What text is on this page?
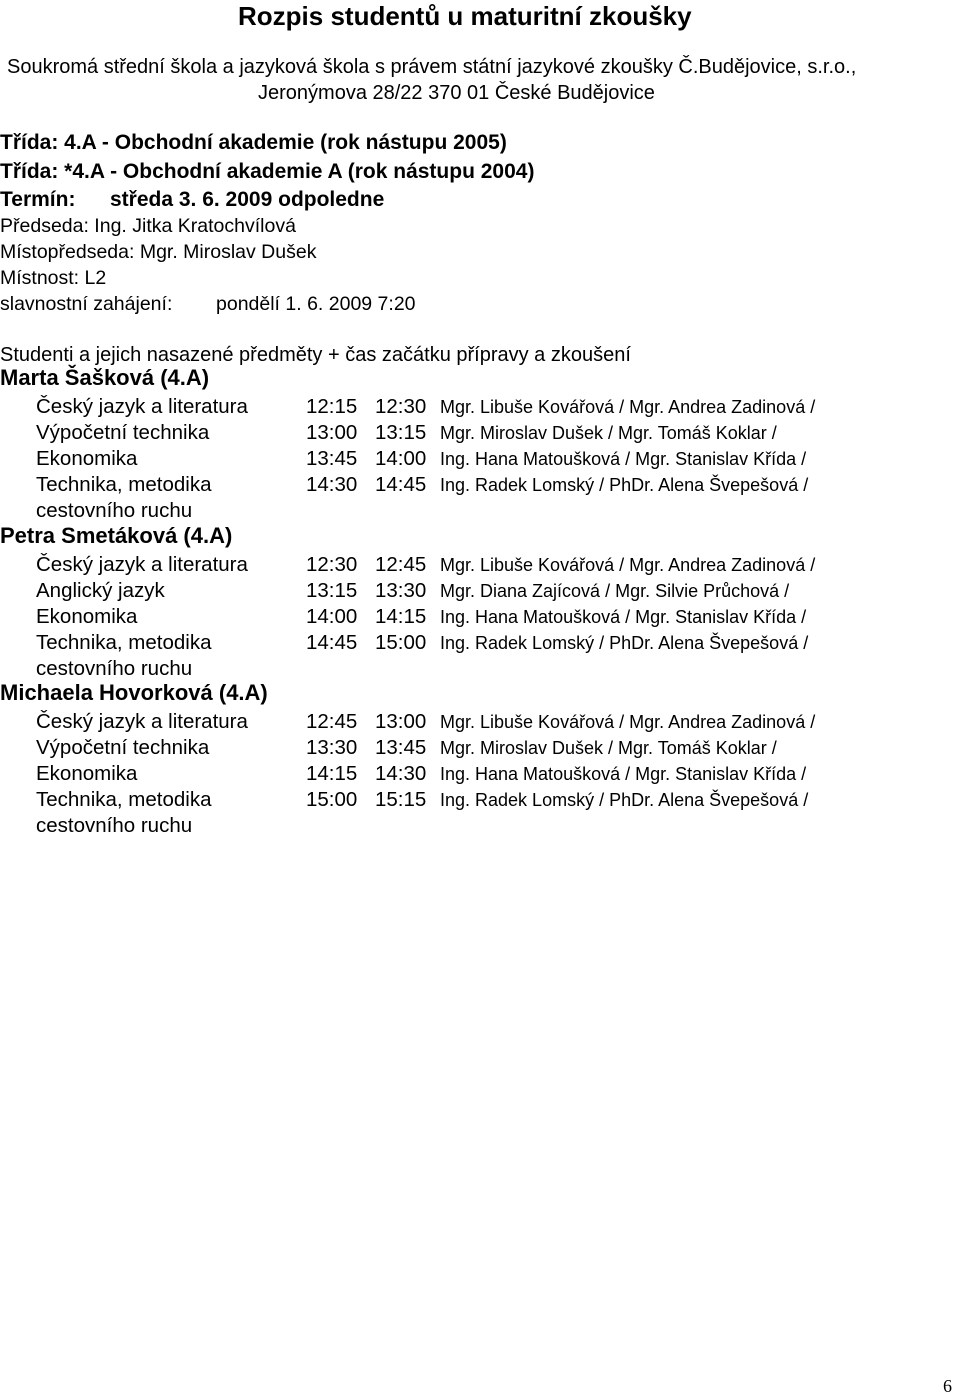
Rozpis studentů u maturitní zkoušky
Soukromá střední škola a jazyková škola s právem státní jazykové zkoušky Č.Budějovice, s.r.o.,
Jeronýmova 28/22 370 01 České Budějovice
Třída: 4.A - Obchodní akademie (rok nástupu 2005)
Třída: *4.A - Obchodní akademie A (rok nástupu 2004)
Termín: středa 3. 6. 2009 odpoledne
Předseda: Ing. Jitka Kratochvílová
Místopředseda: Mgr. Miroslav Dušek
Místnost: L2
slavnostní zahájení: pondělí 1. 6. 2009 7:20
Studenti a jejich nasazené předměty + čas začátku přípravy a zkoušení
Marta Šašková (4.A)
Český jazyk a literatura	12:15 12:30 Mgr. Libuše Kovářová / Mgr. Andrea Zadinová /
Výpočetní technika	13:00 13:15 Mgr. Miroslav Dušek / Mgr. Tomáš Koklar /
Ekonomika	13:45 14:00 Ing. Hana Matoušková / Mgr. Stanislav Křída /
Technika, metodika
cestovního ruchu
14:30 14:45 Ing. Radek Lomský / PhDr. Alena Švepešová /
Petra Smetáková (4.A)
Český jazyk a literatura	12:30 12:45 Mgr. Libuše Kovářová / Mgr. Andrea Zadinová /
Anglický jazyk	13:15 13:30 Mgr. Diana Zajícová / Mgr. Silvie Průchová /
Ekonomika	14:00 14:15 Ing. Hana Matoušková / Mgr. Stanislav Křída /
Technika, metodika
cestovního ruchu
14:45 15:00 Ing. Radek Lomský / PhDr. Alena Švepešová /
Michaela Hovorková (4.A)
Český jazyk a literatura	12:45 13:00 Mgr. Libuše Kovářová / Mgr. Andrea Zadinová /
Výpočetní technika	13:30 13:45 Mgr. Miroslav Dušek / Mgr. Tomáš Koklar /
Ekonomika	14:15 14:30 Ing. Hana Matoušková / Mgr. Stanislav Křída /
Technika, metodika
cestovního ruchu
15:00 15:15 Ing. Radek Lomský / PhDr. Alena Švepešová /
6
